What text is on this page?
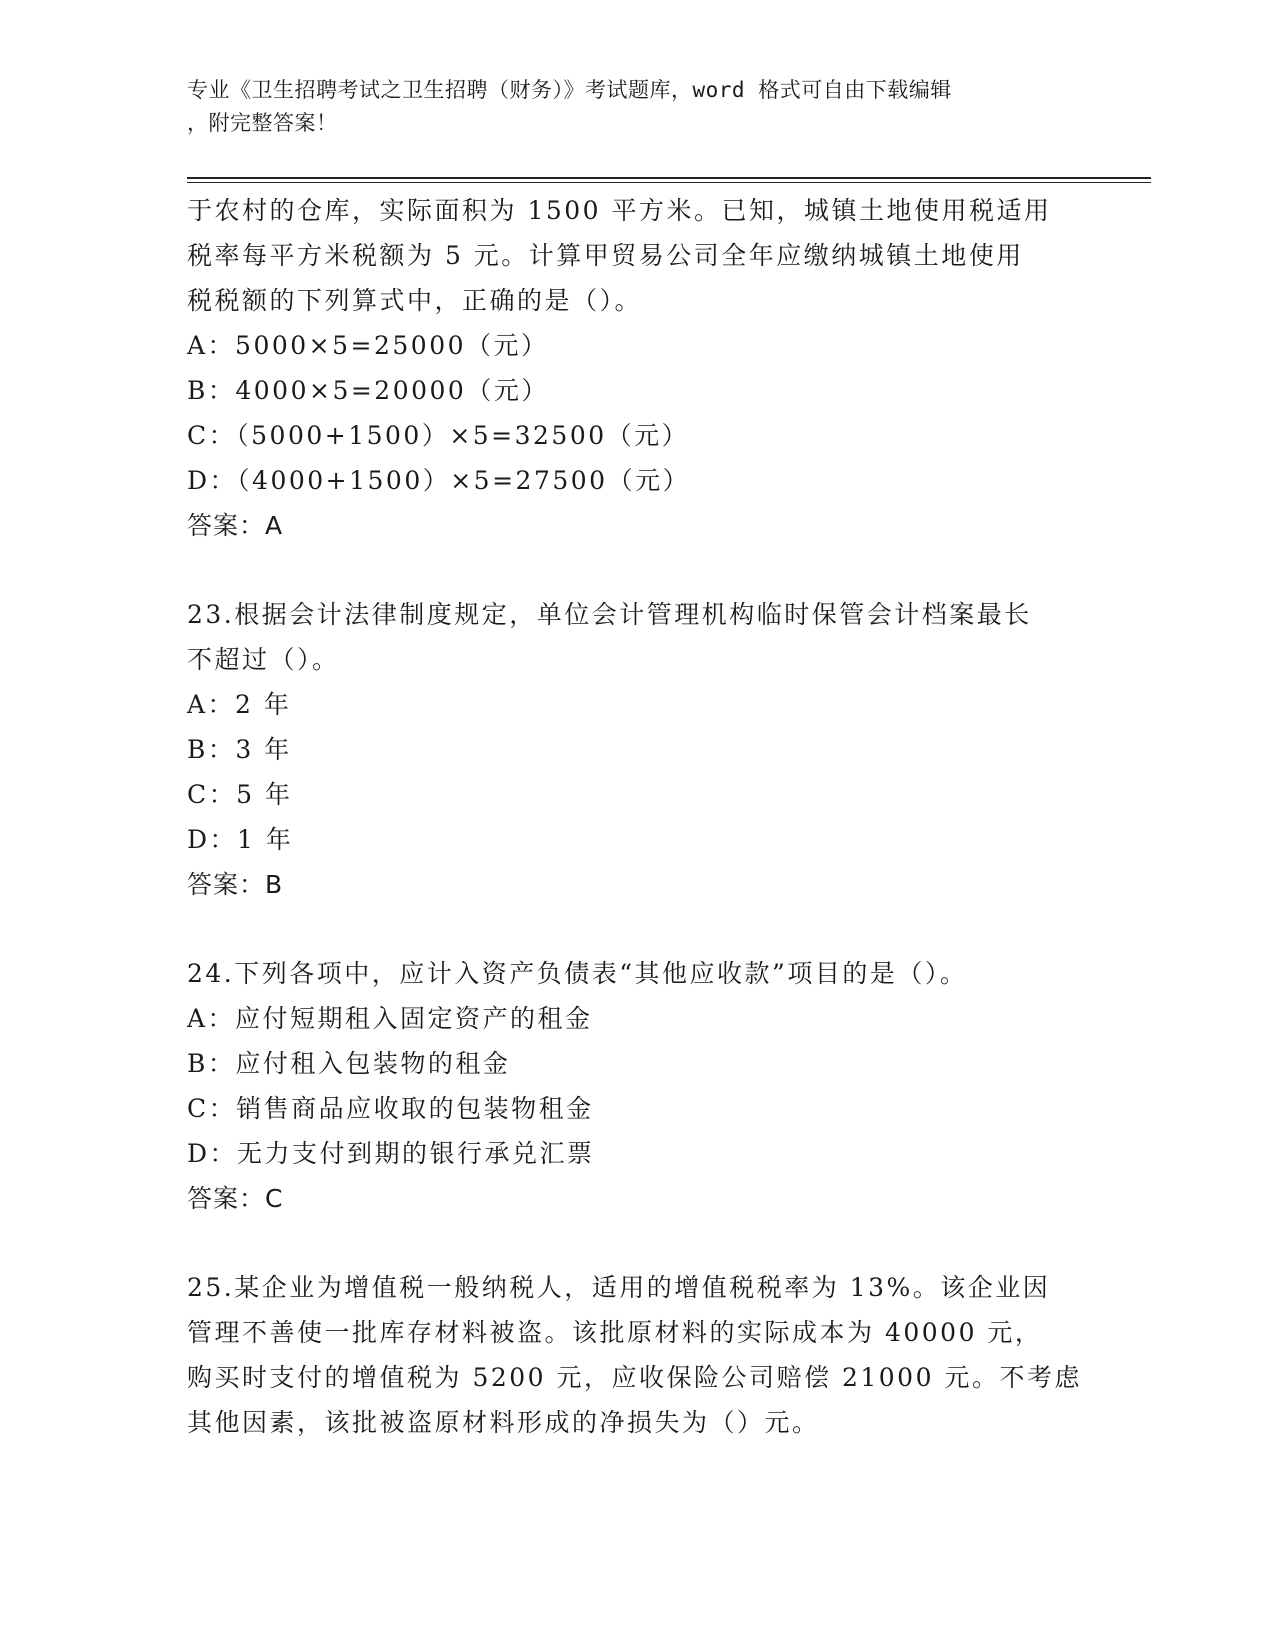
专业《卫生招聘考试之卫生招聘（财务）》考试题库，word 格式可自由下载编辑
，附完整答案！
于农村的仓库，实际面积为 1500 平方米。已知，城镇土地使用税适用
税率每平方米税额为 5 元。计算甲贸易公司全年应缴纳城镇土地使用
税税额的下列算式中，正确的是（）。
A：5000×5=25000（元）
B：4000×5=20000（元）
C：（5000+1500）×5=32500（元）
D：（4000+1500）×5=27500（元）
答案：A
23.根据会计法律制度规定，单位会计管理机构临时保管会计档案最长
不超过（）。
A：2 年
B：3 年
C：5 年
D：1 年
答案：B
24.下列各项中，应计入资产负债表“其他应收款”项目的是（）。
A：应付短期租入固定资产的租金
B：应付租入包装物的租金
C：销售商品应收取的包装物租金
D：无力支付到期的银行承兑汇票
答案：C
25.某企业为增值税一般纳税人，适用的增值税税率为 13%。该企业因
管理不善使一批库存材料被盗。该批原材料的实际成本为 40000 元，
购买时支付的增值税为 5200 元，应收保险公司赔偿 21000 元。不考虑
其他因素，该批被盗原材料形成的净损失为（）元。
